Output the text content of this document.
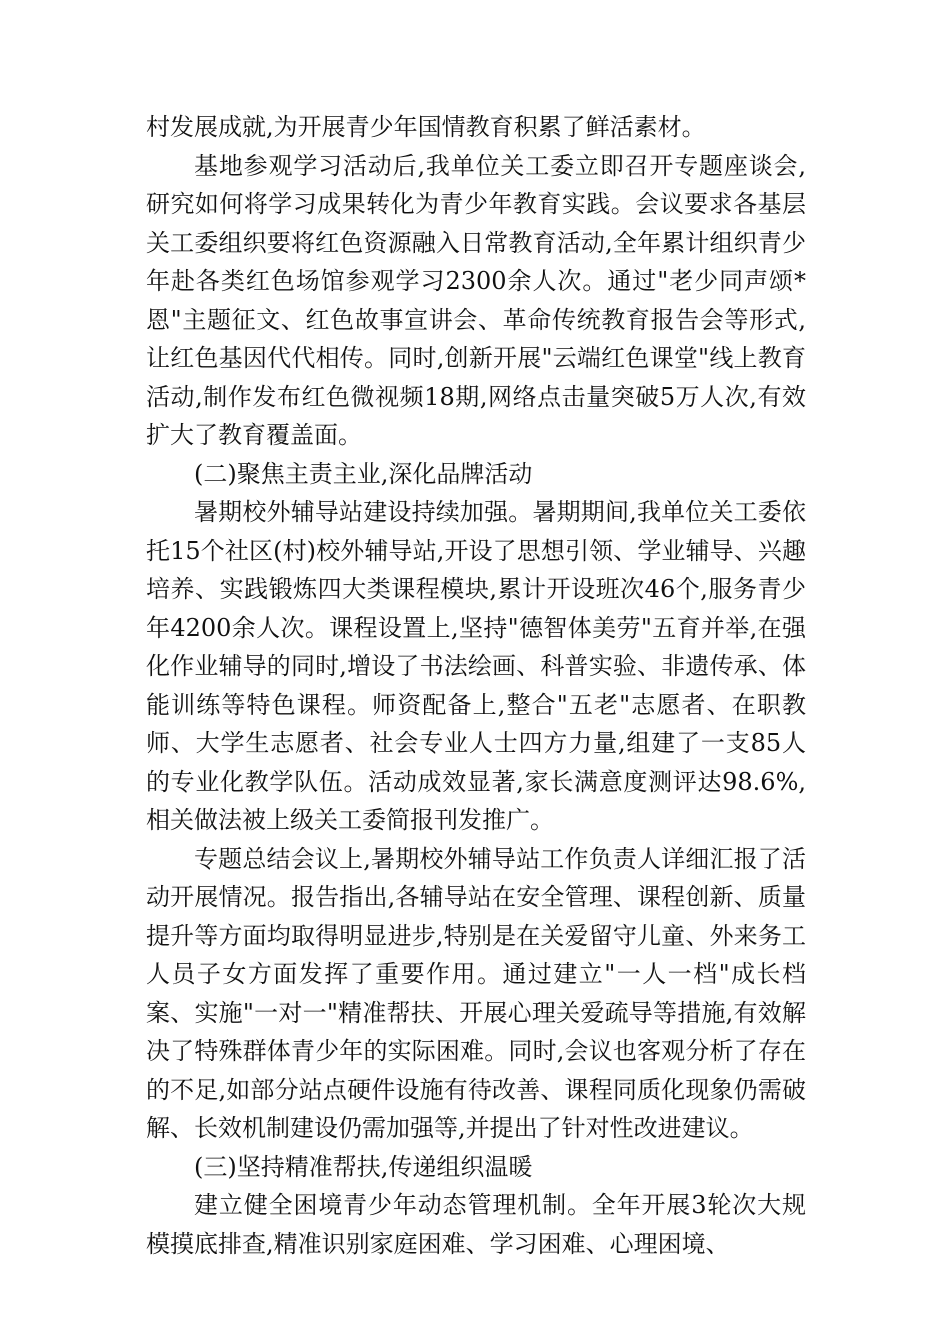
村发展成就,为开展青少年国情教育积累了鲜活素材。

基地参观学习活动后,我单位关工委立即召开专题座谈会,研究如何将学习成果转化为青少年教育实践。会议要求各基层关工委组织要将红色资源融入日常教育活动,全年累计组织青少年赴各类红色场馆参观学习2300余人次。通过"老少同声颂*恩"主题征文、红色故事宣讲会、革命传统教育报告会等形式,让红色基因代代相传。同时,创新开展"云端红色课堂"线上教育活动,制作发布红色微视频18期,网络点击量突破5万人次,有效扩大了教育覆盖面。

(二)聚焦主责主业,深化品牌活动

暑期校外辅导站建设持续加强。暑期期间,我单位关工委依托15个社区(村)校外辅导站,开设了思想引领、学业辅导、兴趣培养、实践锻炼四大类课程模块,累计开设班次46个,服务青少年4200余人次。课程设置上,坚持"德智体美劳"五育并举,在强化作业辅导的同时,增设了书法绘画、科普实验、非遗传承、体能训练等特色课程。师资配备上,整合"五老"志愿者、在职教师、大学生志愿者、社会专业人士四方力量,组建了一支85人的专业化教学队伍。活动成效显著,家长满意度测评达98.6%,相关做法被上级关工委简报刊发推广。

专题总结会议上,暑期校外辅导站工作负责人详细汇报了活动开展情况。报告指出,各辅导站在安全管理、课程创新、质量提升等方面均取得明显进步,特别是在关爱留守儿童、外来务工人员子女方面发挥了重要作用。通过建立"一人一档"成长档案、实施"一对一"精准帮扶、开展心理关爱疏导等措施,有效解决了特殊群体青少年的实际困难。同时,会议也客观分析了存在的不足,如部分站点硬件设施有待改善、课程同质化现象仍需破解、长效机制建设仍需加强等,并提出了针对性改进建议。

(三)坚持精准帮扶,传递组织温暖

建立健全困境青少年动态管理机制。全年开展3轮次大规模摸底排查,精准识别家庭困难、学习困难、心理困境、
